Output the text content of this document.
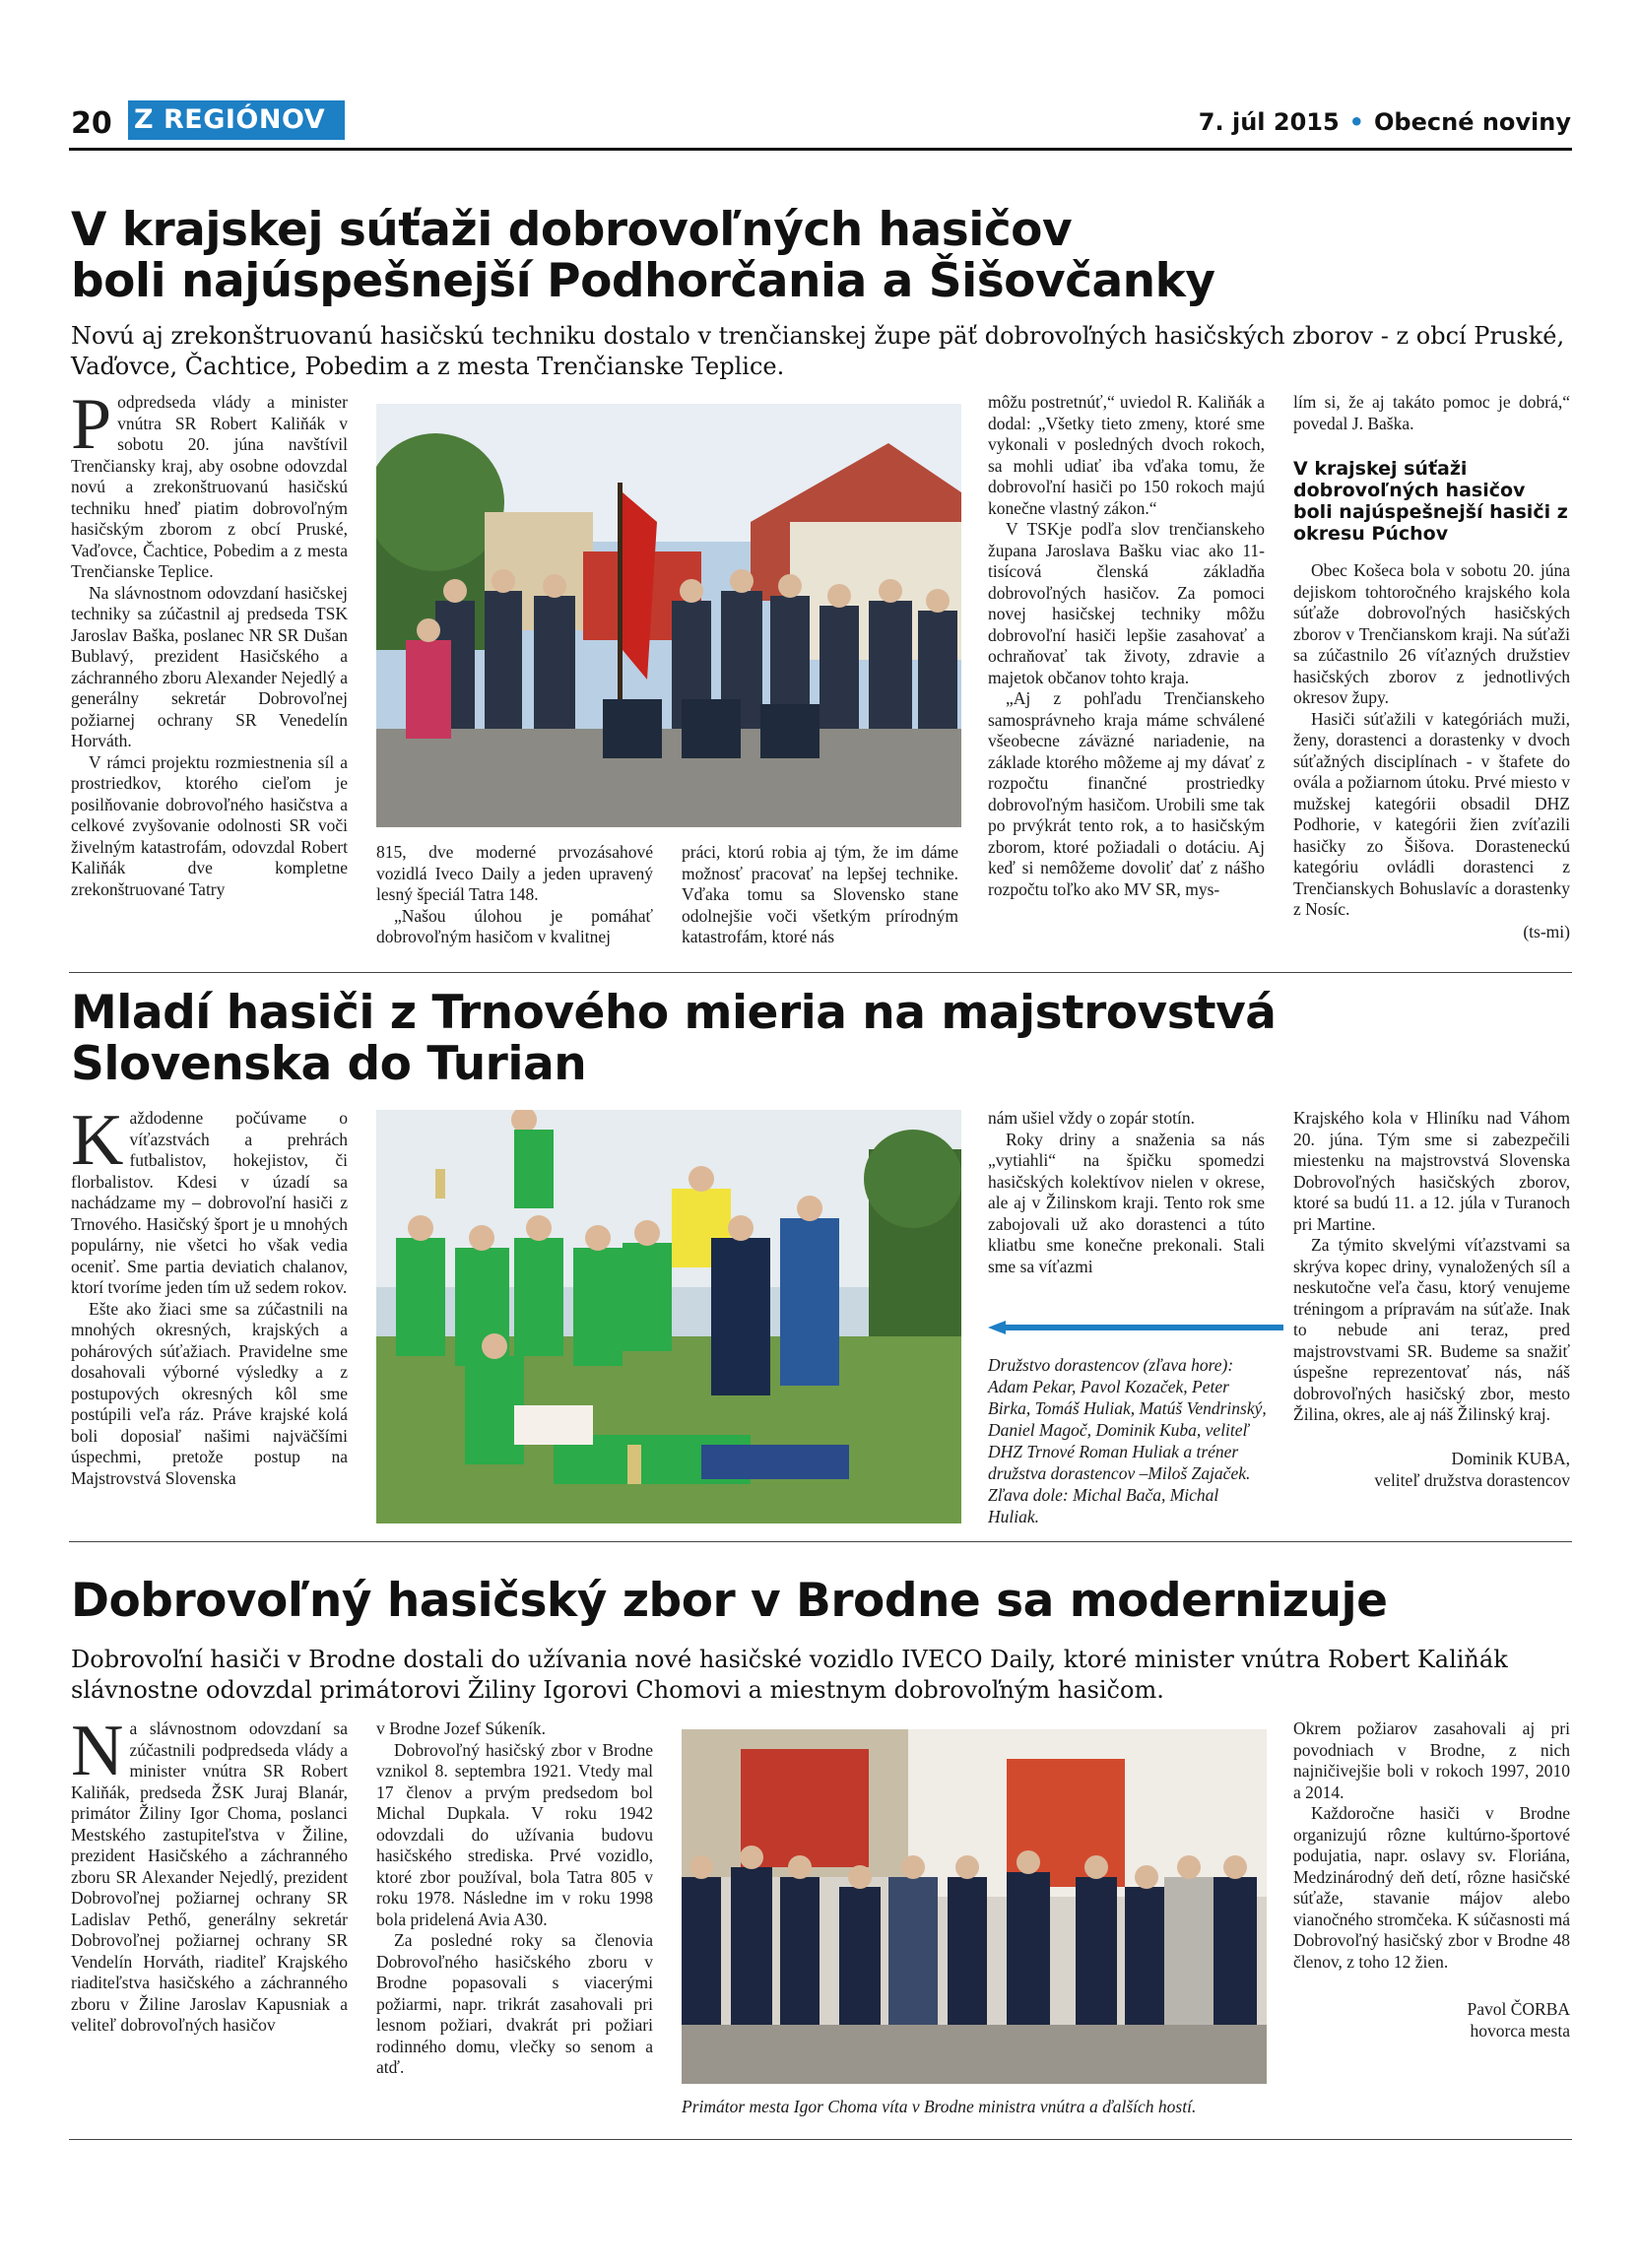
20 Z REGIÓNOV	7. júl 2015 • Obecné noviny
V krajskej súťaži dobrovoľných hasičov
boli najúspešnejší Podhorčania a Šišovčanky
Novú aj zrekonštruovanú hasičskú techniku dostalo v trenčianskej župe päť dobrovoľných hasičských zborov - z obcí Pruské,
Vaďovce, Čachtice, Pobedim a z mesta Trenčianske Teplice.
P odpredseda vlády a minister vnútra SR Robert Kaliňák v sobotu 20. júna navštívil Trenčiansky kraj, aby osobne odovzdal novú a zrekonštruovanú hasičskú techniku hneď piatim dobrovoľným hasičským zborom z obcí Pruské, Vaďovce, Čachtice, Pobedim a z mesta Trenčianske Teplice.

Na slávnostnom odovzdaní hasičskej techniky sa zúčastnil aj predseda TSK Jaroslav Baška, poslanec NR SR Dušan Bublavý, prezident Hasičského a záchranného zboru Alexander Nejedlý a generálny sekretár Dobrovoľnej požiarnej ochrany SR Venedelín Horváth.

V rámci projektu rozmiestnenia síl a prostriedkov, ktorého cieľom je posilňovanie dobrovoľného hasičstva a celkové zvyšovanie odolnosti SR voči živelným katastrofám, odovzdal Robert Kaliňák dve kompletne zrekonštruované Tatry

815, dve moderné prvozásahové vozidlá Iveco Daily a jeden upravený lesný špeciál Tatra 148.

„Našou úlohou je pomáhať dobrovoľným hasičom v kvalitnej

práci, ktorú robia aj tým, že im dáme možnosť pracovať na lepšej technike. Vďaka tomu sa Slovensko stane odolnejšie voči všetkým prírodným katastrofám, ktoré nás

môžu postretnúť,“ uviedol R. Kaliňák a dodal: „Všetky tieto zmeny, ktoré sme vykonali v posledných dvoch rokoch, sa mohli udiať iba vďaka tomu, že dobrovoľní hasiči po 150 rokoch majú konečne vlastný zákon.“

V TSKje podľa slov trenčianskeho župana Jaroslava Bašku viac ako 11-tisícová členská základňa dobrovoľných hasičov. Za pomoci novej hasičskej techniky môžu dobrovoľní hasiči lepšie zasahovať a ochraňovať tak životy, zdravie a majetok občanov tohto kraja.

„Aj z pohľadu Trenčianskeho samosprávneho kraja máme schválené všeobecne záväzné nariadenie, na základe ktorého môžeme aj my dávať z rozpočtu finančné prostriedky dobrovoľným hasičom. Urobili sme tak po prvýkrát tento rok, a to hasičským zborom, ktoré požiadali o dotáciu. Aj keď si nemôžeme dovoliť dať z nášho rozpočtu toľko ako MV SR, mys-

lím si, že aj takáto pomoc je dobrá,“ povedal J. Baška.

V krajskej súťaži dobrovoľných hasičov boli najúspešnejší hasiči z okresu Púchov

Obec Košeca bola v sobotu 20. júna dejiskom tohtoročného krajského kola súťaže dobrovoľných hasičských zborov v Trenčianskom kraji. Na súťaži sa zúčastnilo 26 víťazných družstiev hasičských zborov z jednotlivých okresov župy.

Hasiči súťažili v kategóriách muži, ženy, dorastenci a dorastenky v dvoch súťažných disciplínach - v štafete do ovála a požiarnom útoku. Prvé miesto v mužskej kategórii obsadil DHZ Podhorie, v kategórii žien zvíťazili hasičky zo Šišova. Dorasteneckú kategóriu ovládli dorastenci z Trenčianskych Bohuslavíc a dorastenky z Nosíc.

(ts-mi)
Mladí hasiči z Trnového mieria na majstrovstvá
Slovenska do Turian
K aždodenne počúvame o víťazstvách a prehrách futbalistov, hokejistov, či florbalistov. Kdesi v úzadí sa nachádzame my – dobrovoľní hasiči z Trnového. Hasičský šport je u mnohých populárny, nie všetci ho však vedia oceniť. Sme partia deviatich chalanov, ktorí tvoríme jeden tím už sedem rokov.

Ešte ako žiaci sme sa zúčastnili na mnohých okresných, krajských a pohárových súťažiach. Pravidelne sme dosahovali výborné výsledky a z postupových okresných kôl sme postúpili veľa ráz. Práve krajské kolá boli doposiaľ našimi najväčšími úspechmi, pretože postup na Majstrovstvá Slovenska

nám ušiel vždy o zopár stotín.

Roky driny a snaženia sa nás „vytiahli“ na špičku spomedzi hasičských kolektívov nielen v okrese, ale aj v Žilinskom kraji. Tento rok sme zabojovali už ako dorastenci a túto kliatbu sme konečne prekonali. Stali sme sa víťazmi

Družstvo dorastencov (zľava hore): Adam Pekar, Pavol Kozaček, Peter Birka, Tomáš Huliak, Matúš Vendrinský, Daniel Magoč, Dominik Kuba, veliteľ DHZ Trnové Roman Huliak a tréner družstva dorastencov –Miloš Zajaček. Zľava dole: Michal Bača, Michal Huliak.

Krajského kola v Hliníku nad Váhom 20. júna. Tým sme si zabezpečili miestenku na majstrovstvá Slovenska Dobrovoľných hasičských zborov, ktoré sa budú 11. a 12. júla v Turanoch pri Martine.

Za týmito skvelými víťazstvami sa skrýva kopec driny, vynaložených síl a neskutočne veľa času, ktorý venujeme tréningom a prípravám na súťaže. Inak to nebude ani teraz, pred majstrovstvami SR. Budeme sa snažiť úspešne reprezentovať nás, náš dobrovoľných hasičský zbor, mesto Žilina, okres, ale aj náš Žilinský kraj.

Dominik KUBA,
veliteľ družstva dorastencov
Dobrovoľný hasičský zbor v Brodne sa modernizuje
Dobrovoľní hasiči v Brodne dostali do užívania nové hasičské vozidlo IVECO Daily, ktoré minister vnútra Robert Kaliňák
slávnostne odovzdal primátorovi Žiliny Igorovi Chomovi a miestnym dobrovoľným hasičom.
N a slávnostnom odovzdaní sa zúčastnili podpredseda vlády a minister vnútra SR Robert Kaliňák, predseda ŽSK Juraj Blanár, primátor Žiliny Igor Choma, poslanci Mestského zastupiteľstva v Žiline, prezident Hasičského a záchranného zboru SR Alexander Nejedlý, prezident Dobrovoľnej požiarnej ochrany SR Ladislav Pethő, generálny sekretár Dobrovoľnej požiarnej ochrany SR Vendelín Horváth, riaditeľ Krajského riaditeľstva hasičského a záchranného zboru v Žiline Jaroslav Kapusniak a veliteľ dobrovoľných hasičov

v Brodne Jozef Súkeník.

Dobrovoľný hasičský zbor v Brodne vznikol 8. septembra 1921. Vtedy mal 17 členov a prvým predsedom bol Michal Dupkala. V roku 1942 odovzdali do užívania budovu hasičského strediska. Prvé vozidlo, ktoré zbor používal, bola Tatra 805 v roku 1978. Následne im v roku 1998 bola pridelená Avia A30.

Za posledné roky sa členovia Dobrovoľného hasičského zboru v Brodne popasovali s viacerými požiarmi, napr. trikrát zasahovali pri lesnom požiari, dvakrát pri požiari rodinného domu, vlečky so senom a atď.

Primátor mesta Igor Choma víta v Brodne ministra vnútra a ďalších hostí.

Okrem požiarov zasahovali aj pri povodniach v Brodne, z nich najničivejšie boli v rokoch 1997, 2010 a 2014.

Každoročne hasiči v Brodne organizujú rôzne kultúrno-športové podujatia, napr. oslavy sv. Floriána, Medzinárodný deň detí, rôzne hasičské súťaže, stavanie májov alebo vianočného stromčeka. K súčasnosti má Dobrovoľný hasičský zbor v Brodne 48 členov, z toho 12 žien.

Pavol ČORBA
hovorca mesta
